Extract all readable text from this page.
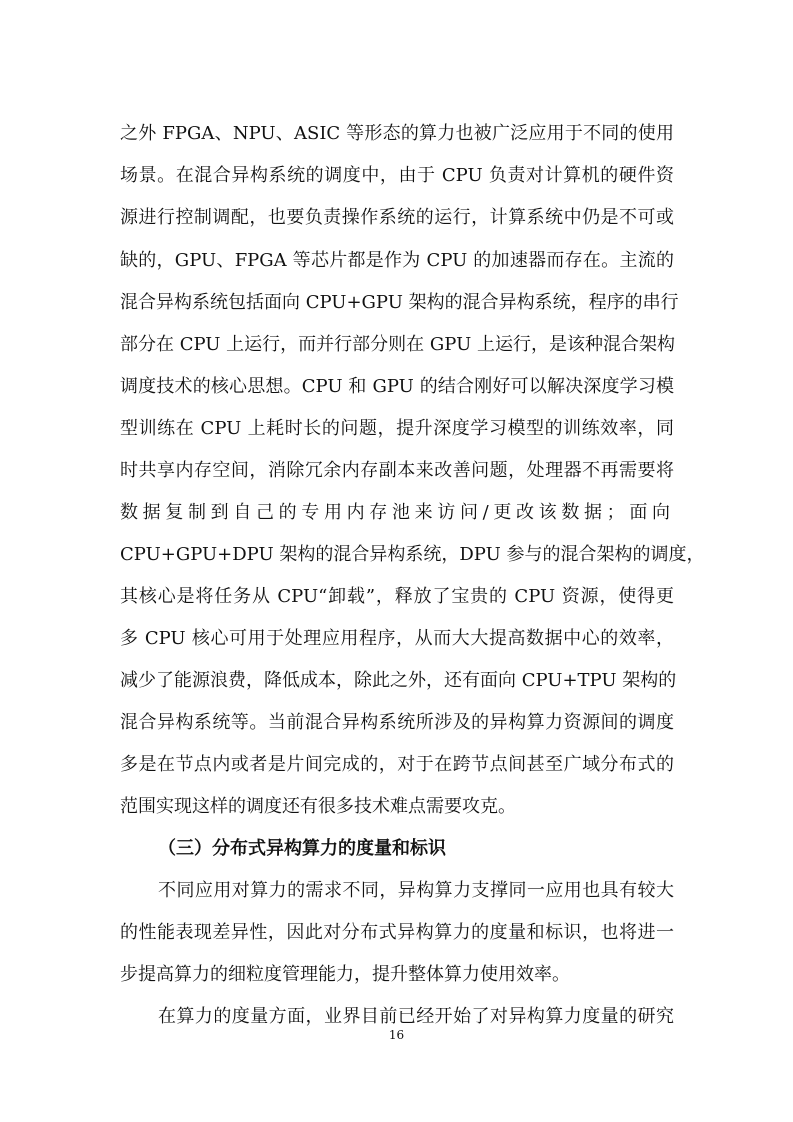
之外 FPGA、NPU、ASIC 等形态的算力也被广泛应用于不同的使用
场景。在混合异构系统的调度中，由于 CPU 负责对计算机的硬件资
源进行控制调配，也要负责操作系统的运行，计算系统中仍是不可或
缺的，GPU、FPGA 等芯片都是作为 CPU 的加速器而存在。主流的
混合异构系统包括面向 CPU+GPU 架构的混合异构系统，程序的串行
部分在 CPU 上运行，而并行部分则在 GPU 上运行，是该种混合架构
调度技术的核心思想。CPU 和 GPU 的结合刚好可以解决深度学习模
型训练在 CPU 上耗时长的问题，提升深度学习模型的训练效率，同
时共享内存空间，消除冗余内存副本来改善问题，处理器不再需要将
数据复制到自己的专用内存池来访问/更改该数据；面向
CPU+GPU+DPU 架构的混合异构系统，DPU 参与的混合架构的调度，
其核心是将任务从 CPU“卸载”，释放了宝贵的 CPU 资源，使得更
多 CPU 核心可用于处理应用程序，从而大大提高数据中心的效率，
减少了能源浪费，降低成本，除此之外，还有面向 CPU+TPU 架构的
混合异构系统等。当前混合异构系统所涉及的异构算力资源间的调度
多是在节点内或者是片间完成的，对于在跨节点间甚至广域分布式的
范围实现这样的调度还有很多技术难点需要攻克。
（三）分布式异构算力的度量和标识
不同应用对算力的需求不同，异构算力支撑同一应用也具有较大
的性能表现差异性，因此对分布式异构算力的度量和标识，也将进一
步提高算力的细粒度管理能力，提升整体算力使用效率。
在算力的度量方面，业界目前已经开始了对异构算力度量的研究
16
